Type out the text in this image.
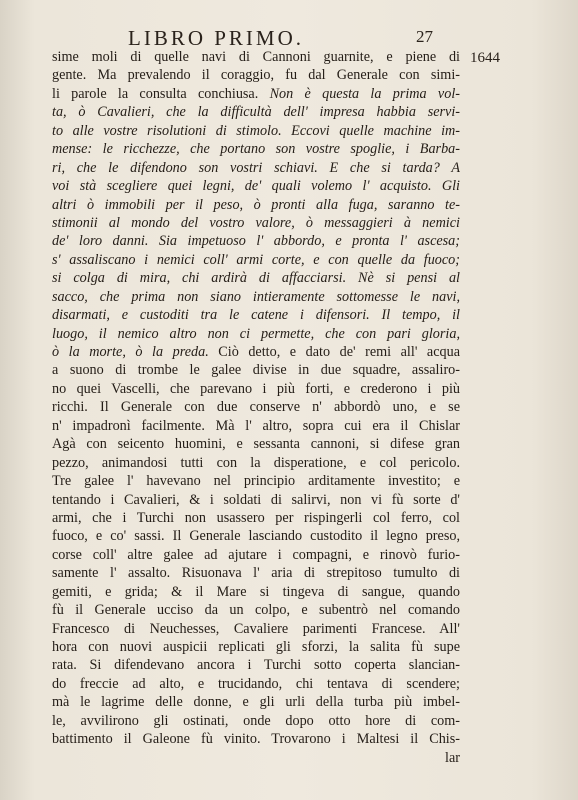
LIBRO PRIMO.	27
1644
sime moli di quelle navi di Cannoni guarnite, e piene di
gente. Ma prevalendo il coraggio, fu dal Generale con simi-
li parole la consulta conchiusa. Non è questa la prima vol-
ta, ò Cavalieri, che la difficultà dell' impresa habbia servi-
to alle vostre risolutioni di stimolo. Eccovi quelle machine im-
mense: le ricchezze, che portano son vostre spoglie, i Barba-
ri, che le difendono son vostri schiavi. E che si tarda? A
voi stà scegliere quei legni, de' quali volemo l' acquisto. Gli
altri ò immobili per il peso, ò pronti alla fuga, saranno te-
stimonii al mondo del vostro valore, ò messaggieri à nemici
de' loro danni. Sia impetuoso l' abbordo, e pronta l' ascesa;
s' assaliscano i nemici coll' armi corte, e con quelle da fuoco;
si colga di mira, chi ardirà di affacciarsi. Nè si pensi al
sacco, che prima non siano intieramente sottomesse le navi,
disarmati, e custoditi tra le catene i difensori. Il tempo, il
luogo, il nemico altro non ci permette, che con pari gloria,
ò la morte, ò la preda. Ciò detto, e dato de' remi all' acqua
a suono di trombe le galee divise in due squadre, assaliro-
no quei Vascelli, che parevano i più forti, e crederono i più
ricchi. Il Generale con due conserve n' abbordò uno, e se
n' impadronì facilmente. Mà l' altro, sopra cui era il Chislar
Agà con seicento huomini, e sessanta cannoni, si difese gran
pezzo, animandosi tutti con la disperatione, e col pericolo.
Tre galee l' havevano nel principio arditamente investito; e
tentando i Cavalieri, & i soldati di salirvi, non vi fù sorte d'
armi, che i Turchi non usassero per rispingerli col ferro, col
fuoco, e co' sassi. Il Generale lasciando custodito il legno preso,
corse coll' altre galee ad ajutare i compagni, e rinovò furio-
samente l' assalto. Risuonava l' aria di strepitoso tumulto di
gemiti, e grida; & il Mare si tingeva di sangue, quando
fù il Generale ucciso da un colpo, e subentrò nel comando
Francesco di Neuchesses, Cavaliere parimenti Francese. All'
hora con nuovi auspicii replicati gli sforzi, la salita fù supe
rata. Si difendevano ancora i Turchi sotto coperta slancian-
do freccie ad alto, e trucidando, chi tentava di scendere;
mà le lagrime delle donne, e gli urli della turba più imbel-
le, avvilirono gli ostinati, onde dopo otto hore di com-
battimento il Galeone fù vinito. Trovarono i Maltesi il Chis-
lar
